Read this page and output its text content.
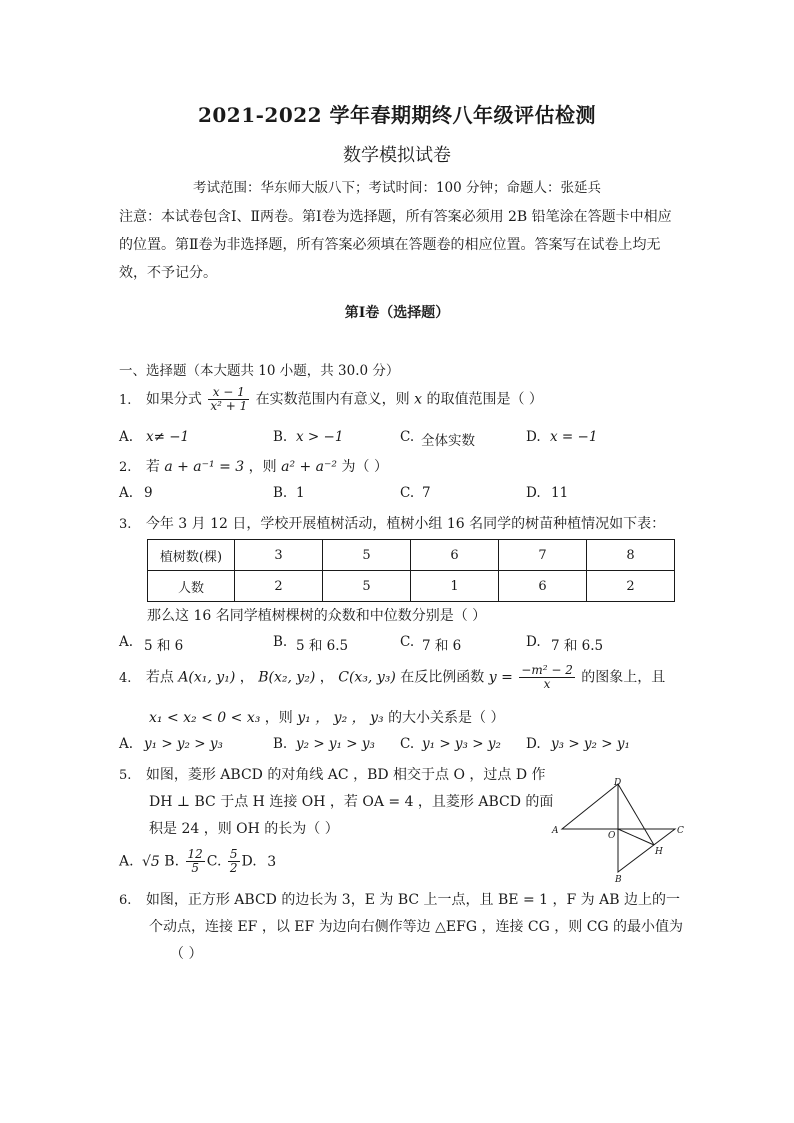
2021-2022 学年春期期终八年级评估检测
数学模拟试卷
考试范围：华东师大版八下；考试时间：100 分钟；命题人：张延兵
注意：本试卷包含Ⅰ、Ⅱ两卷。第Ⅰ卷为选择题，所有答案必须用 2B 铅笔涂在答题卡中相应的位置。第Ⅱ卷为非选择题，所有答案必须填在答题卷的相应位置。答案写在试卷上均无效，不予记分。
第Ⅰ卷（选择题）
一、选择题（本大题共 10 小题，共 30.0 分）
1. 如果分式 $\frac{x - 1}{\text{x² + 1}}$ 在实数范围内有意义，则 x 的取值范围是（ ）
A. x≠ −1	B. x > −1	C. 全体实数	D. x = −1
2. 若 a + a⁻¹ = 3 ，则 a² + a⁻² 为（ ）
A. 9	B. 1	C. 7	D. 11
3. 今年 3 月 12 日，学校开展植树活动，植树小组 16 名同学的树苗种植情况如下表：
植树数(棵)	3	5	6	7	8
人数	2	5	1	6	2
那么这 16 名同学植树棵树的众数和中位数分别是（ ）
A. 5 和 6	B. 5 和 6.5	C. 7 和 6	D. 7 和 6.5
4. 若点 A(x₁, y₁) ， B(x₂, y₂) ， C(x₃, y₃) 在反比例函数 $y = \frac{\text{−m² − 2}}{x}$ 的图象上，且
x₁ < x₂ < 0 < x₃ ，则 y₁ ， y₂ ， y₃ 的大小关系是（ ）
A. y₁ > y₂ > y₃	B. y₂ > y₁ > y₃ C. y₁ > y₃ > y₂ D. y₃ > y₂ > y₁
5. 如图，菱形 ABCD 的对角线 AC ，BD 相交于点 O ，过点 D 作
DH ⊥ BC 于点 H 连接 OH ，若 OA = 4 ，且菱形 ABCD 的面
积是 24 ，则 OH 的长为（ ）
A. √5 B. $\frac{12}{5} C$. $\frac{5}{2} D$. 3
D
A	O	C
H
B
6. 如图，正方形 ABCD 的边长为 3，E 为 BC 上一点，且 BE = 1 ，F 为 AB 边上的一
个动点，连接 EF ，以 EF 为边向右侧作等边 △EFG ，连接 CG ，则 CG 的最小值为
（ ）
